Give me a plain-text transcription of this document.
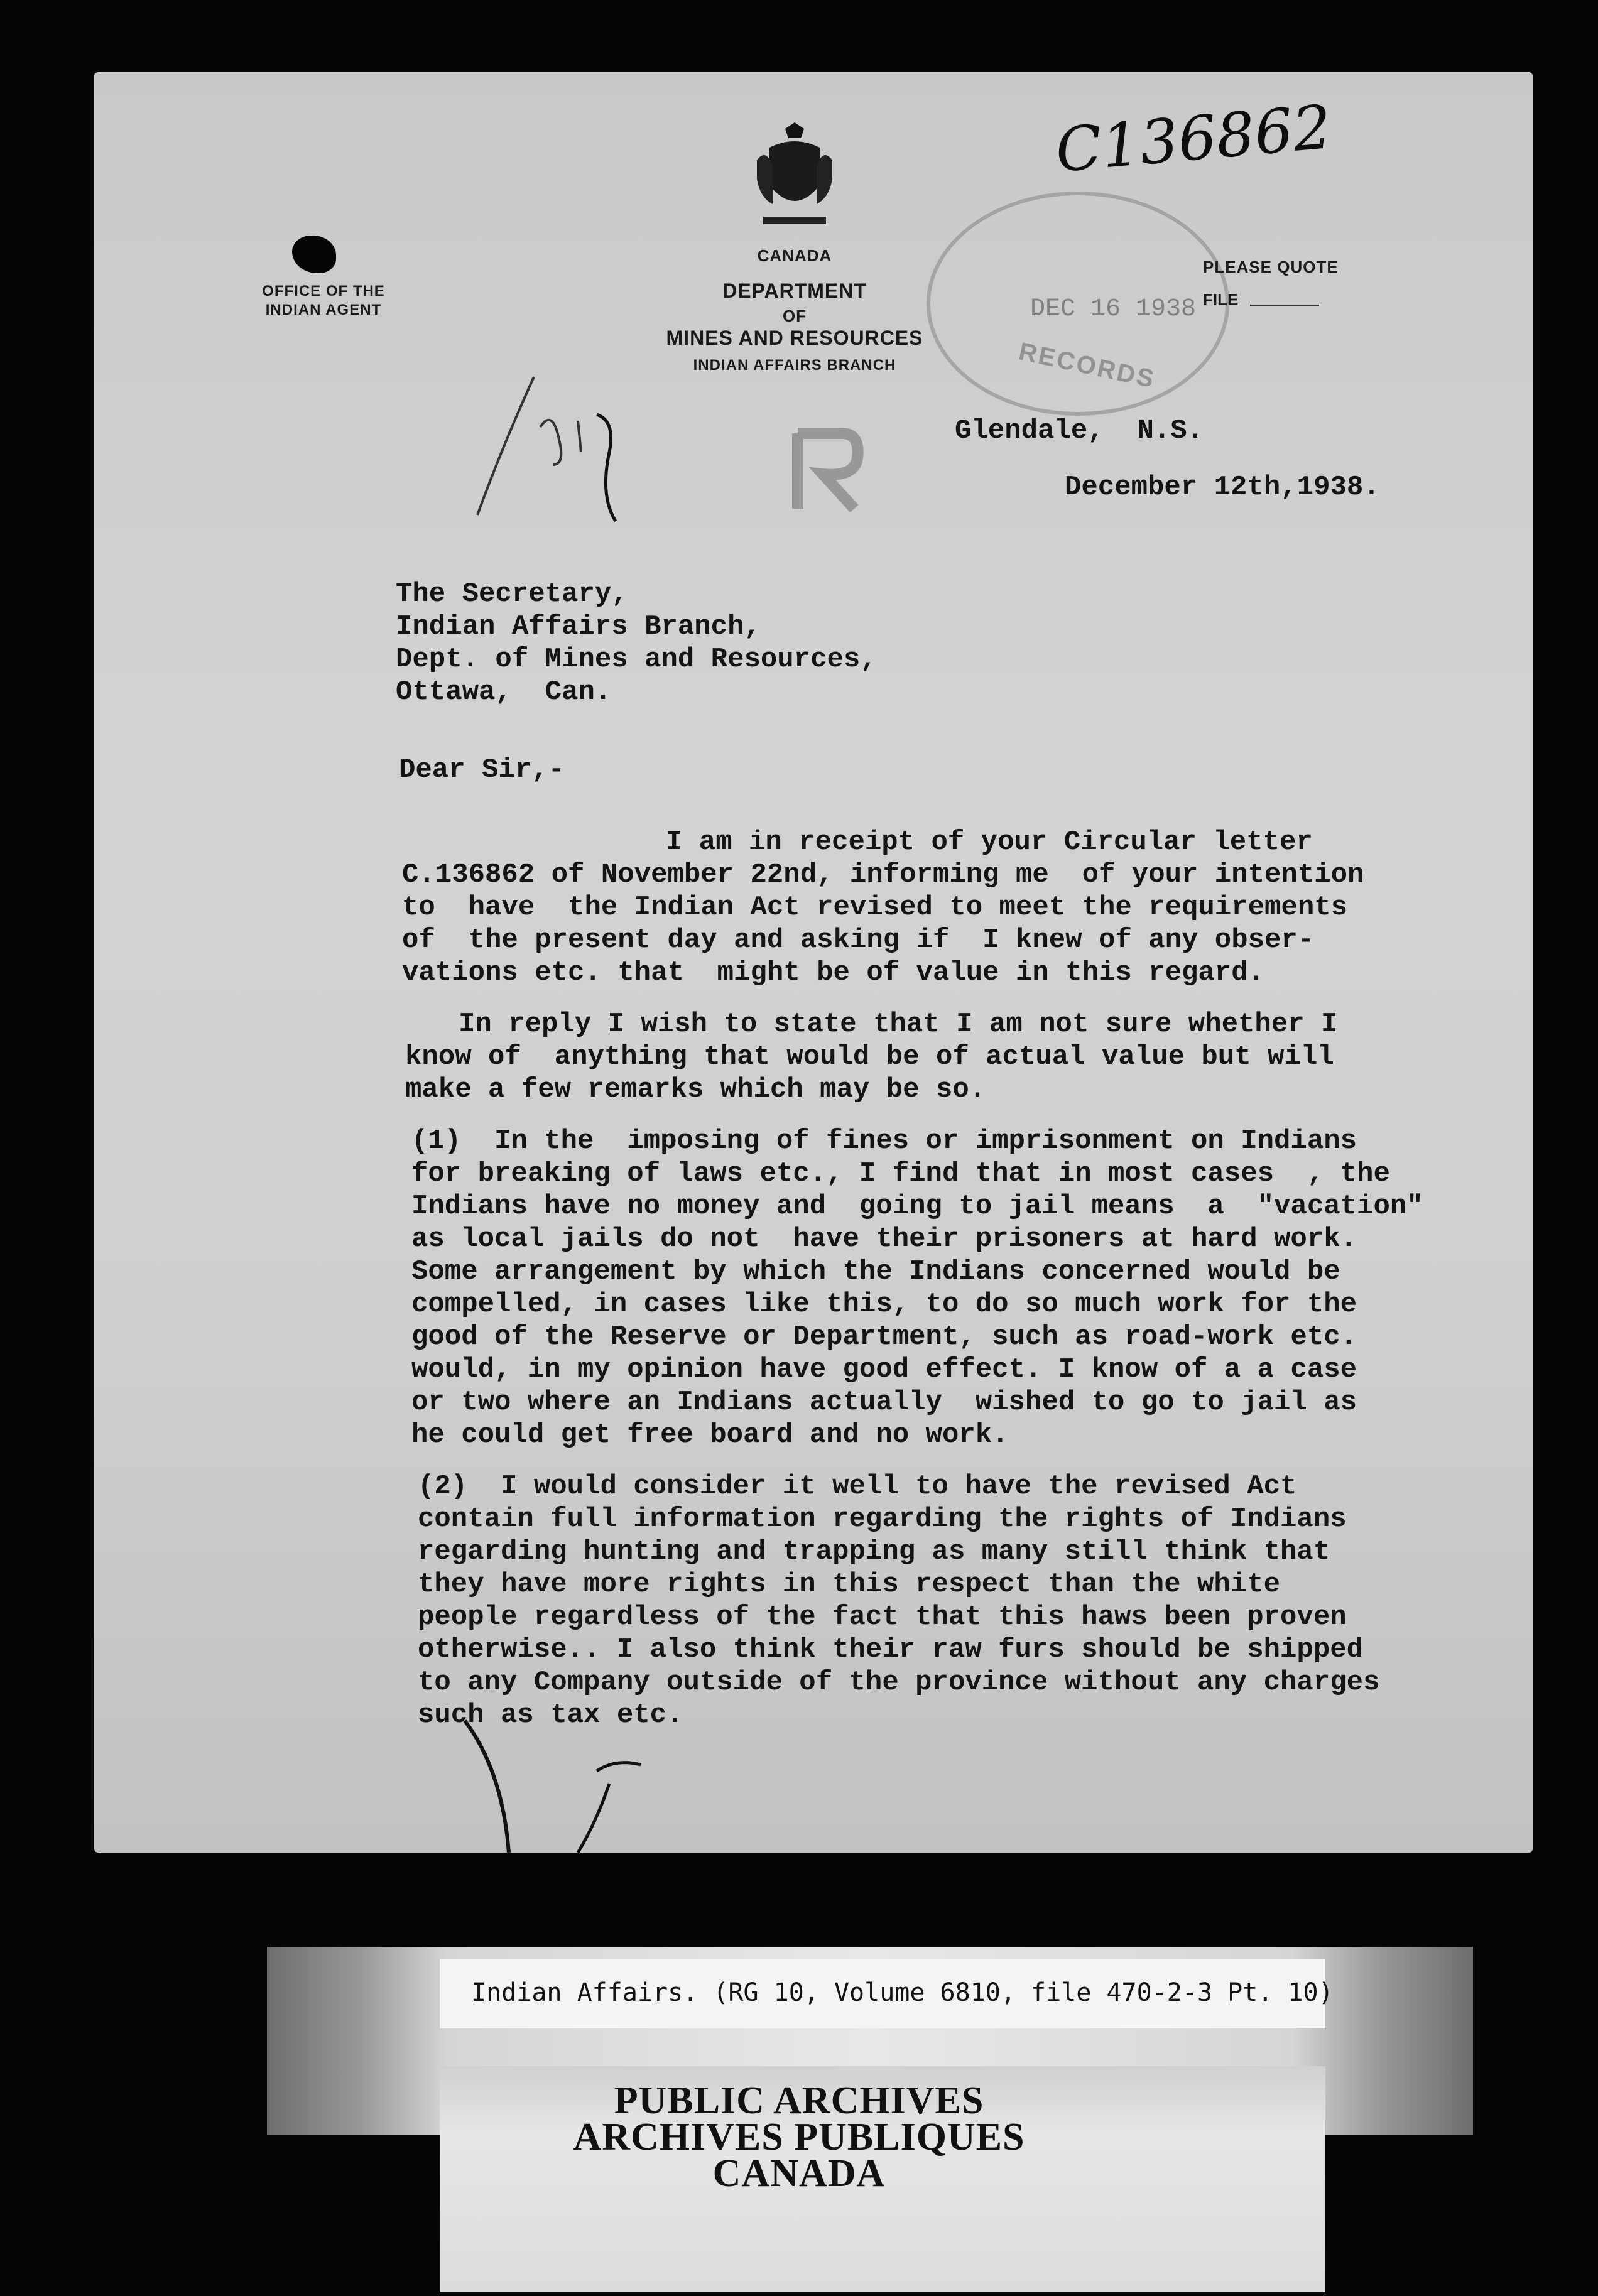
CANADA
DEPARTMENT
OF
MINES AND RESOURCES
INDIAN AFFAIRS BRANCH
OFFICE OF THE
INDIAN AGENT
C136862
DEC 16 1938
RECORDS
PLEASE QUOTE
FILE
Glendale,  N.S.
December 12th,1938.
The Secretary,
Indian Affairs Branch,
Dept. of Mines and Resources,
Ottawa,  Can.
Dear Sir,-
I am in receipt of your Circular letter
C.136862 of November 22nd, informing me  of your intention
to  have  the Indian Act revised to meet the requirements
of  the present day and asking if  I knew of any obser-
vations etc. that  might be of value in this regard.
In reply I wish to state that I am not sure whether I
know of  anything that would be of actual value but will
make a few remarks which may be so.
(1)  In the  imposing of fines or imprisonment on Indians
for breaking of laws etc., I find that in most cases  , the
Indians have no money and  going to jail means  a  "vacation"
as local jails do not  have their prisoners at hard work.
Some arrangement by which the Indians concerned would be
compelled, in cases like this, to do so much work for the
good of the Reserve or Department, such as road-work etc.
would, in my opinion have good effect. I know of a a case
or two where an Indians actually  wished to go to jail as
he could get free board and no work.
(2)  I would consider it well to have the revised Act
contain full information regarding the rights of Indians
regarding hunting and trapping as many still think that
they have more rights in this respect than the white
people regardless of the fact that this haws been proven
otherwise.. I also think their raw furs should be shipped
to any Company outside of the province without any charges
such as tax etc.
Indian Affairs. (RG 10, Volume 6810, file 470-2-3 Pt. 10)
PUBLIC ARCHIVES
ARCHIVES PUBLIQUES
CANADA
